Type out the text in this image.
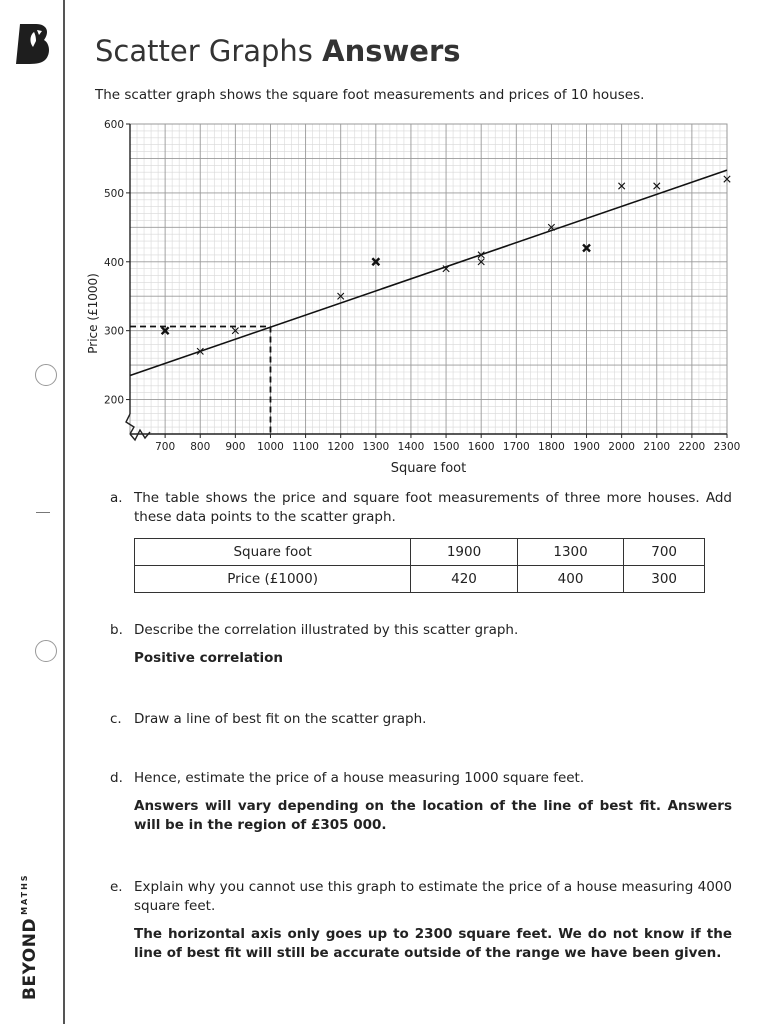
$BEYOND^{MATHS}$
Scatter Graphs Answers

The scatter graph shows the square foot measurements and prices of 10 houses.

700 800 900 1000 1100 1200 1300 1400 1500 1600 1700 1800 1900 2000 2100 2200 2300
200
300
400
500
600
Square foot
Price (£1000)
a. The table shows the price and square foot measurements of three more houses. Add these data points to the scatter graph.
Square foot	1900	1300	700
Price (£1000)	420	400	300
b. Describe the correlation illustrated by this scatter graph.
Positive correlation
c. Draw a line of best fit on the scatter graph.
d. Hence, estimate the price of a house measuring 1000 square feet.
Answers will vary depending on the location of the line of best fit. Answers will be in the region of £305 000.
e. Explain why you cannot use this graph to estimate the price of a house measuring 4000 square feet.
The horizontal axis only goes up to 2300 square feet. We do not know if the line of best fit will still be accurate outside of the range we have been given.
